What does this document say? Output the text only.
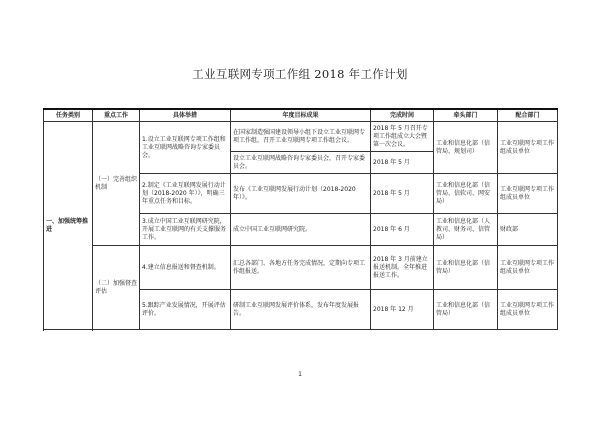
工业互联网专项工作组 2018 年工作计划
任务类别	重点工作	具体举措	年度目标成果	完成时间	牵头部门	配合部门
一、加强统筹推进	（一）完善组织机制	1.设立工业互联网专项工作组和工业互联网战略咨询专家委员会。	在国家制造强国建设领导小组下设立工业互联网专项工作组，召开工业互联网专项工作组会议。	2018 年 5 月召开专项工作组成立大会暨第一次会议。	工业和信息化部（信管局、规划司）	工业互联网专项工作组成员单位
			设立工业互联网战略咨询专家委员会，召开专家委员会。	2018 年 5 月		
		2.制定《工业互联网发展行动计划（2018-2020 年）》，明确三年重点任务和目标。	发布《工业互联网发展行动计划（2018-2020 年）》。	2018 年 5 月	工业和信息化部（信管局、信软司、网安局）	工业互联网专项工作组成员单位
		3.成立中国工业互联网研究院，开展工业互联网的有关支撑服务工作。	成立中国工业互联网研究院。	2018 年 6 月	工业和信息化部（人教司、财务司、信管局）	财政部
	（二）加强督查评估	4.建立信息报送和督查机制。	汇总各部门、各地方任务完成情况，定期向专项工作组报送。	2018 年 3 月前建立报送机制，全年推进报送工作。	工业和信息化部（信管局）	工业互联网专项工作组成员单位
		5.跟踪产业发展情况，开展评估评价。	研制工业互联网发展评价体系，发布年度发展报告。	2018 年 12 月	工业和信息化部（信管局）	工业互联网专项工作组成员单位

1
